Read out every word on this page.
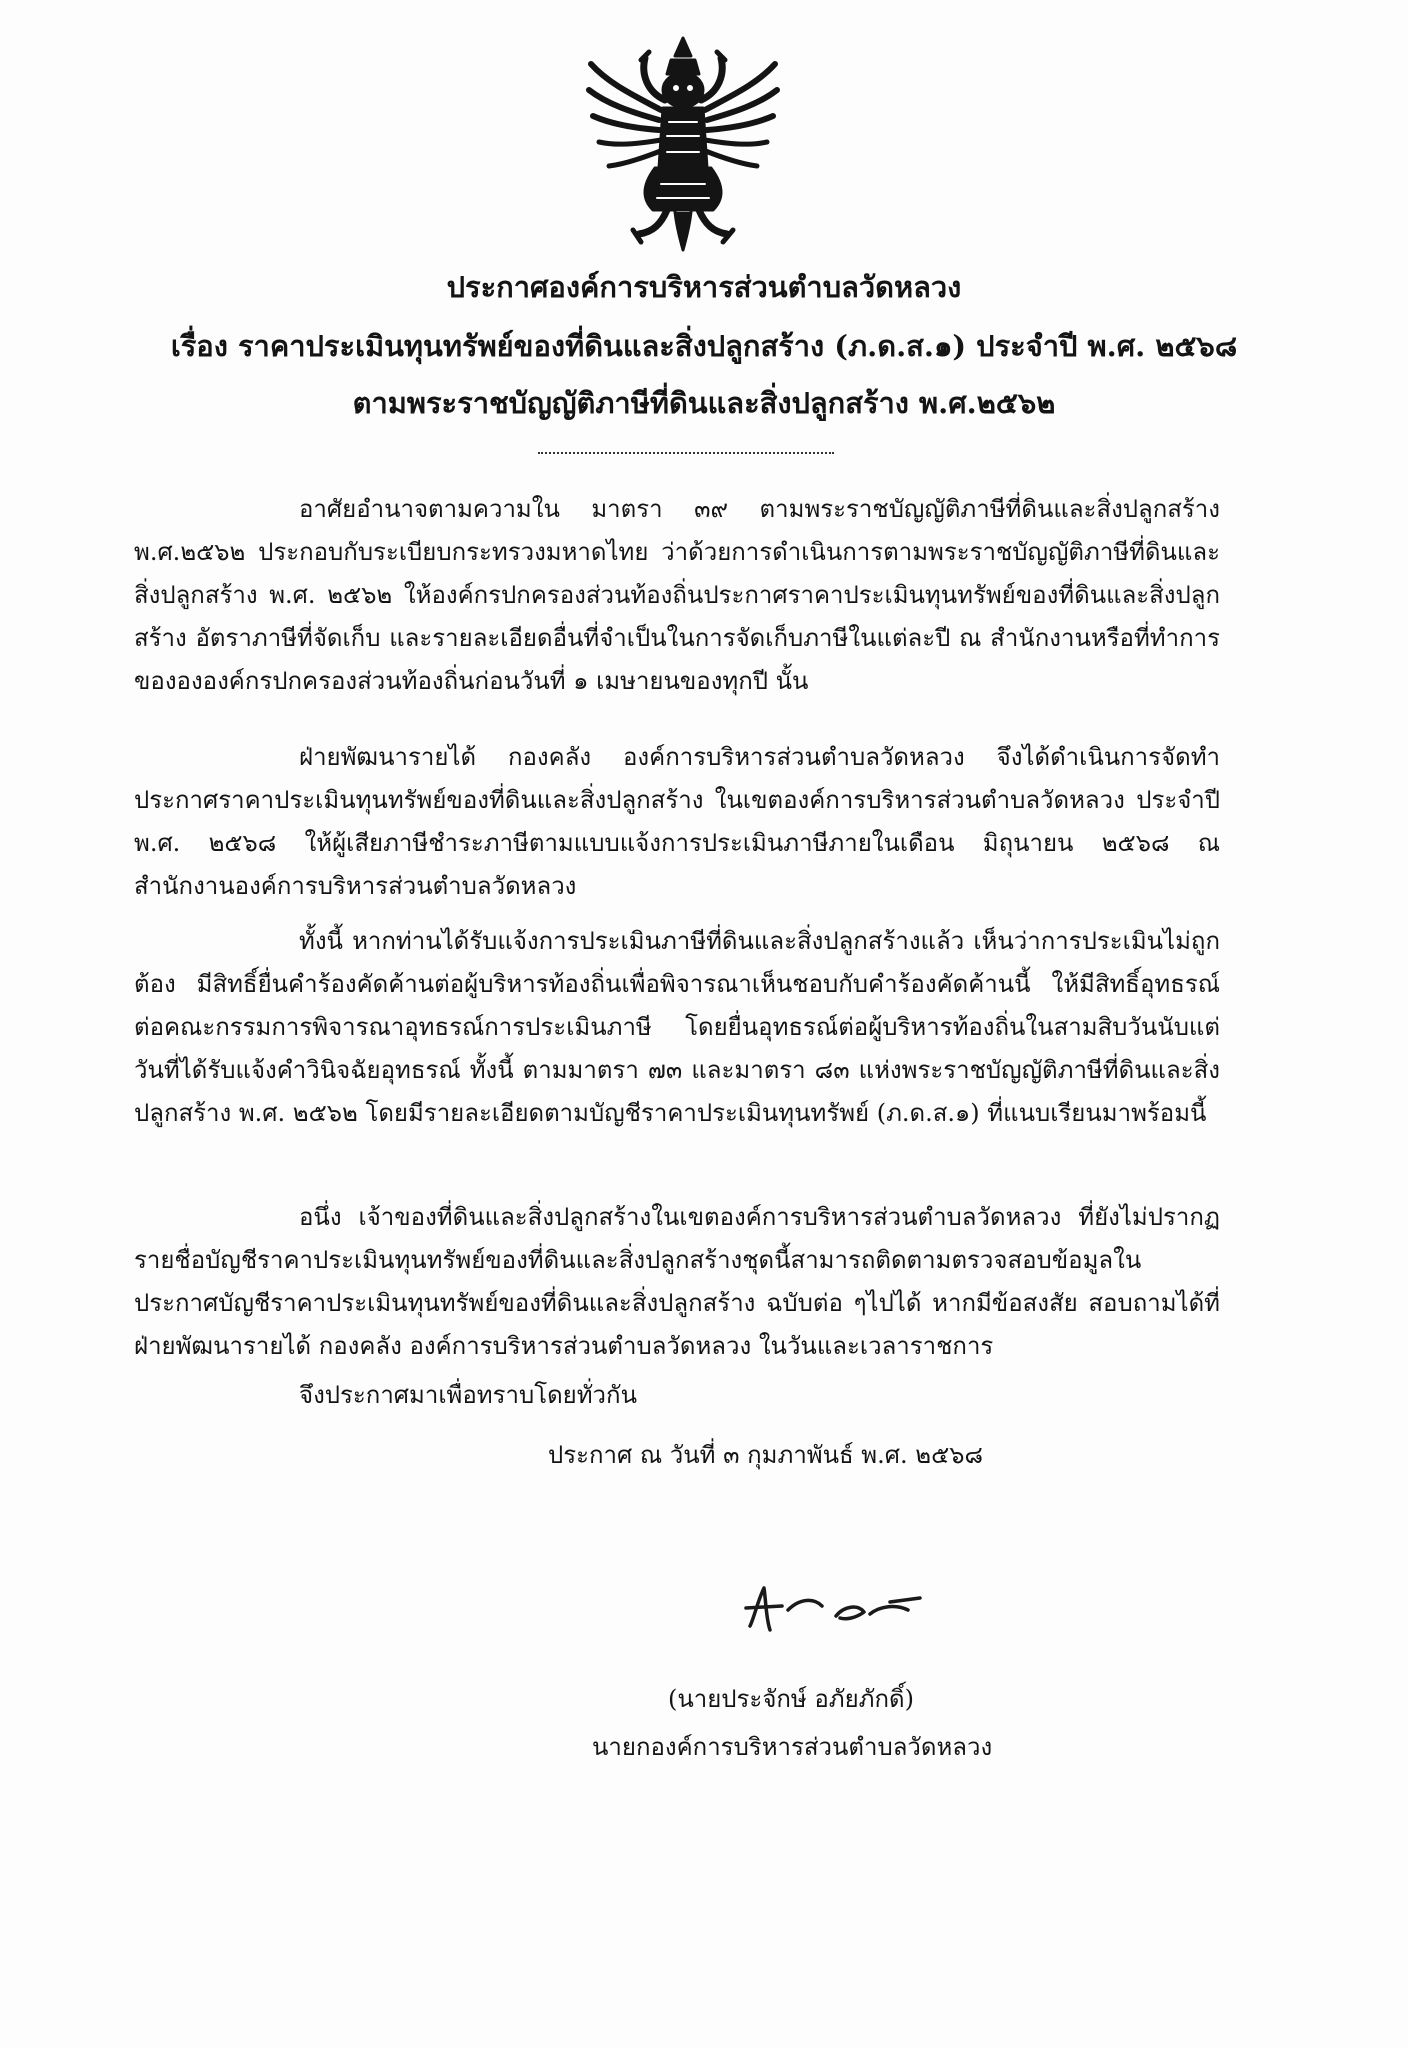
ประกาศองค์การบริหารส่วนตำบลวัดหลวง
เรื่อง ราคาประเมินทุนทรัพย์ของที่ดินและสิ่งปลูกสร้าง (ภ.ด.ส.๑) ประจำปี พ.ศ. ๒๕๖๘
ตามพระราชบัญญัติภาษีที่ดินและสิ่งปลูกสร้าง พ.ศ.๒๕๖๒

อาศัยอำนาจตามความใน มาตรา ๓๙ ตามพระราชบัญญัติภาษีที่ดินและสิ่งปลูกสร้าง พ.ศ.๒๕๖๒ ประกอบกับระเบียบกระทรวงมหาดไทย ว่าด้วยการดำเนินการตามพระราชบัญญัติภาษีที่ดินและสิ่งปลูกสร้าง พ.ศ. ๒๕๖๒ ให้องค์กรปกครองส่วนท้องถิ่นประกาศราคาประเมินทุนทรัพย์ของที่ดินและสิ่งปลูกสร้าง อัตราภาษีที่จัดเก็บ และรายละเอียดอื่นที่จำเป็นในการจัดเก็บภาษีในแต่ละปี ณ สำนักงานหรือที่ทำการของององค์กรปกครองส่วนท้องถิ่นก่อนวันที่ ๑ เมษายนของทุกปี นั้น

ฝ่ายพัฒนารายได้ กองคลัง องค์การบริหารส่วนตำบลวัดหลวง จึงได้ดำเนินการจัดทำ ประกาศราคาประเมินทุนทรัพย์ของที่ดินและสิ่งปลูกสร้าง ในเขตองค์การบริหารส่วนตำบลวัดหลวง ประจำปี พ.ศ. ๒๕๖๘ ให้ผู้เสียภาษีชำระภาษีตามแบบแจ้งการประเมินภาษีภายในเดือน มิถุนายน ๒๕๖๘ ณ สำนักงานองค์การบริหารส่วนตำบลวัดหลวง

ทั้งนี้ หากท่านได้รับแจ้งการประเมินภาษีที่ดินและสิ่งปลูกสร้างแล้ว เห็นว่าการประเมินไม่ถูกต้อง มีสิทธิ์ยื่นคำร้องคัดค้านต่อผู้บริหารท้องถิ่นเพื่อพิจารณาเห็นชอบกับคำร้องคัดค้านนี้ ให้มีสิทธิ์อุทธรณ์ต่อคณะกรรมการพิจารณาอุทธรณ์การประเมินภาษี โดยยื่นอุทธรณ์ต่อผู้บริหารท้องถิ่นในสามสิบวันนับแต่วันที่ได้รับแจ้งคำวินิจฉัยอุทธรณ์ ทั้งนี้ ตามมาตรา ๗๓ และมาตรา ๘๓ แห่งพระราชบัญญัติภาษีที่ดินและสิ่งปลูกสร้าง พ.ศ. ๒๕๖๒ โดยมีรายละเอียดตามบัญชีราคาประเมินทุนทรัพย์ (ภ.ด.ส.๑) ที่แนบเรียนมาพร้อมนี้

อนึ่ง เจ้าของที่ดินและสิ่งปลูกสร้างในเขตองค์การบริหารส่วนตำบลวัดหลวง ที่ยังไม่ปรากฏรายชื่อบัญชีราคาประเมินทุนทรัพย์ของที่ดินและสิ่งปลูกสร้างชุดนี้สามารถติดตามตรวจสอบข้อมูลในประกาศบัญชีราคาประเมินทุนทรัพย์ของที่ดินและสิ่งปลูกสร้าง ฉบับต่อ ๆไปได้ หากมีข้อสงสัย สอบถามได้ที่ ฝ่ายพัฒนารายได้ กองคลัง องค์การบริหารส่วนตำบลวัดหลวง ในวันและเวลาราชการ

จึงประกาศมาเพื่อทราบโดยทั่วกัน
ประกาศ ณ วันที่ ๓ กุมภาพันธ์ พ.ศ. ๒๕๖๘
(นายประจักษ์ อภัยภักดิ์)
นายกองค์การบริหารส่วนตำบลวัดหลวง
